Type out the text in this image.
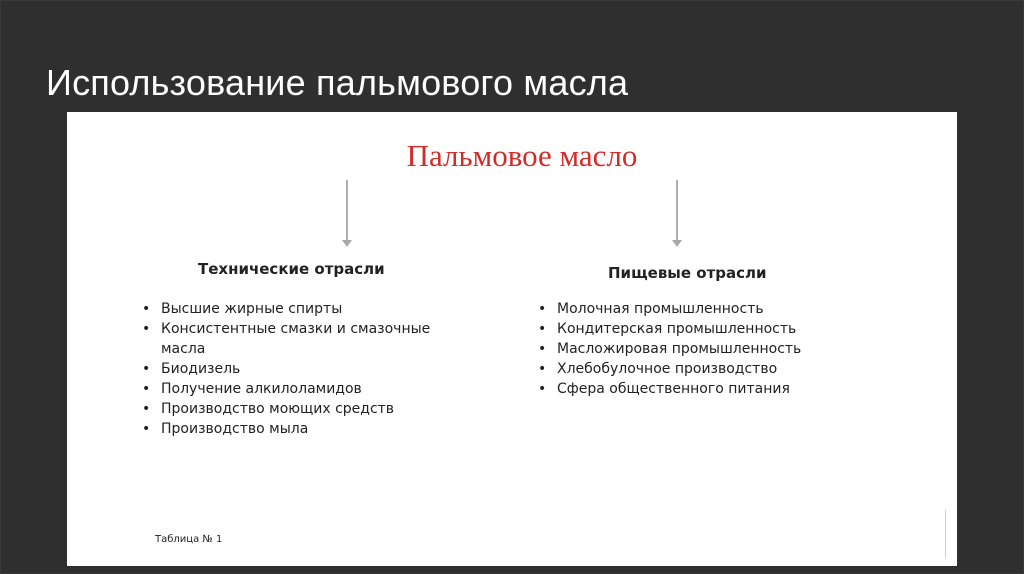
Использование пальмового масла
Пальмовое масло
Технические отрасли
• Высшие жирные спирты
• Консистентные смазки и смазочные
масла
• Биодизель
• Получение алкилоламидов
• Производство моющих средств
• Производство мыла
Пищевые отрасли
• Молочная промышленность
• Кондитерская промышленность
• Масложировая промышленность
• Хлебобулочное производство
• Сфера общественного питания
Таблица № 1
